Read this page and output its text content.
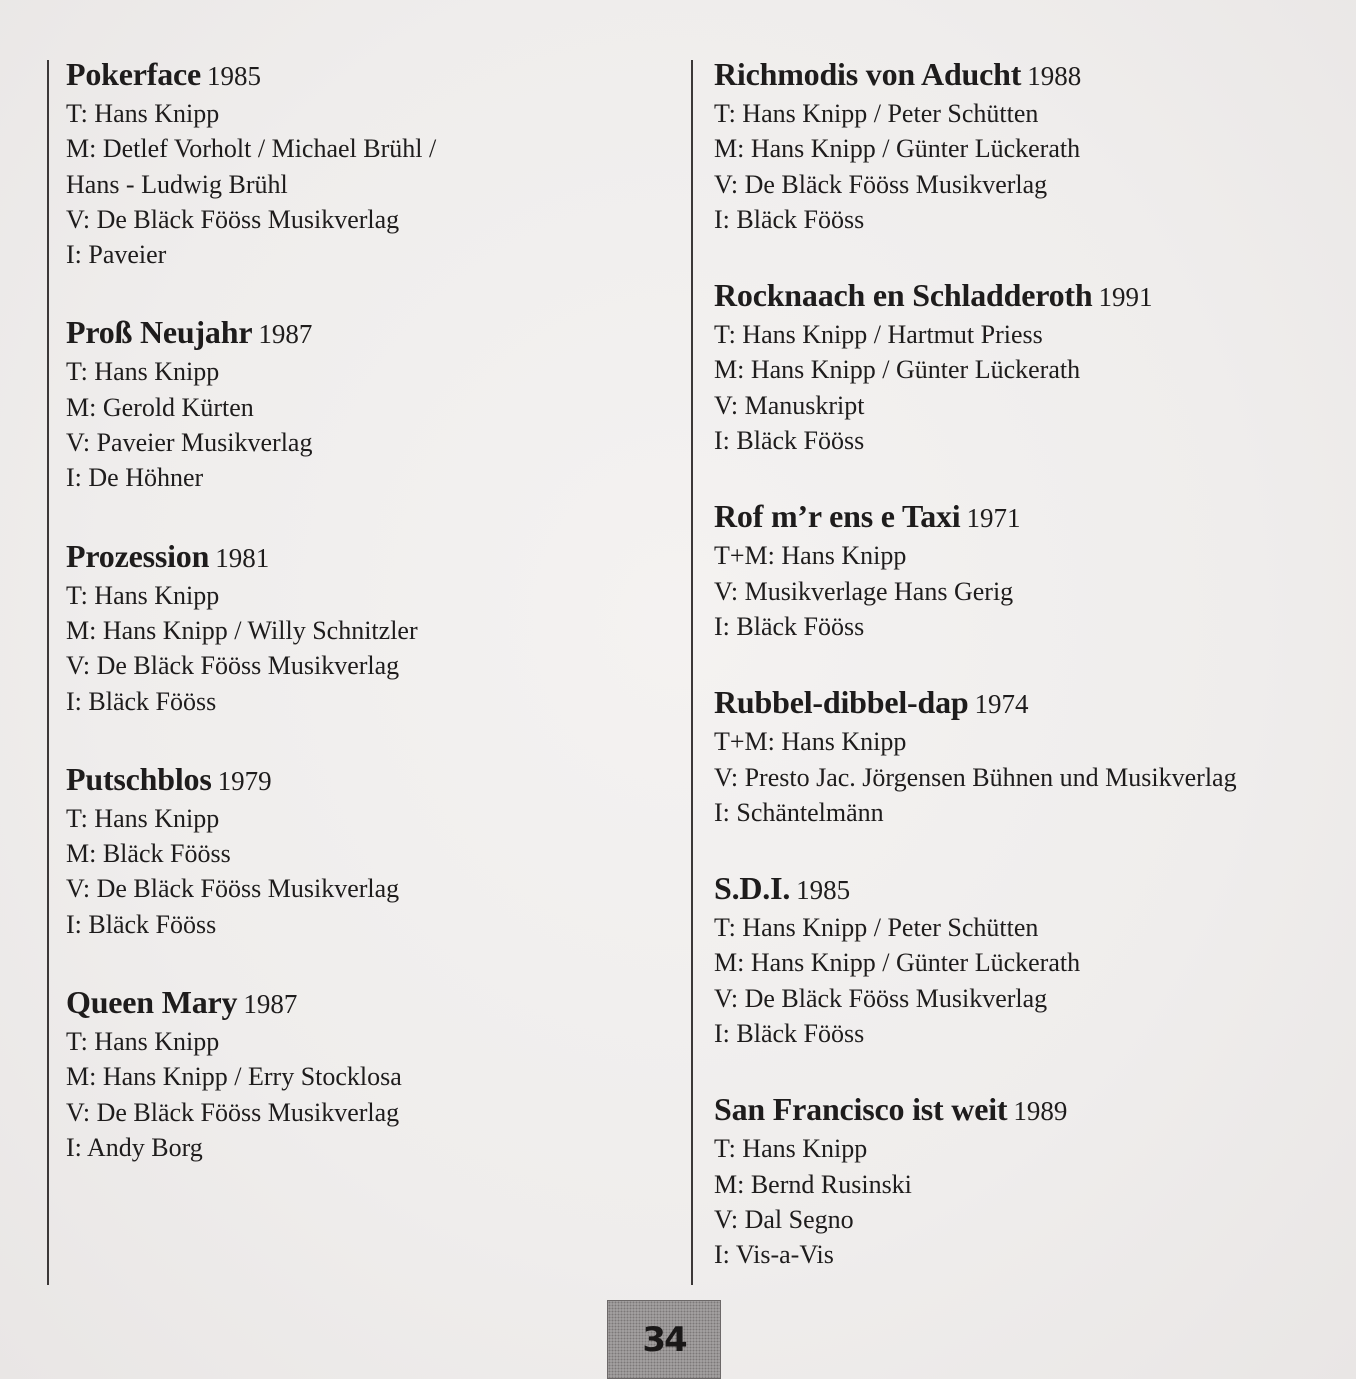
Pokerface 1985
T: Hans Knipp
M: Detlef Vorholt / Michael Brühl /
Hans - Ludwig Brühl
V: De Bläck Fööss Musikverlag
I: Paveier
Proß Neujahr 1987
T: Hans Knipp
M: Gerold Kürten
V: Paveier Musikverlag
I: De Höhner
Prozession 1981
T: Hans Knipp
M: Hans Knipp / Willy Schnitzler
V: De Bläck Fööss Musikverlag
I: Bläck Fööss
Putschblos 1979
T: Hans Knipp
M: Bläck Fööss
V: De Bläck Fööss Musikverlag
I: Bläck Fööss
Queen Mary 1987
T: Hans Knipp
M: Hans Knipp / Erry Stocklosa
V: De Bläck Fööss Musikverlag
I: Andy Borg
Richmodis von Aducht 1988
T: Hans Knipp / Peter Schütten
M: Hans Knipp / Günter Lückerath
V: De Bläck Fööss Musikverlag
I: Bläck Fööss
Rocknaach en Schladderoth 1991
T: Hans Knipp / Hartmut Priess
M: Hans Knipp / Günter Lückerath
V: Manuskript
I: Bläck Fööss
Rof m’r ens e Taxi 1971
T+M: Hans Knipp
V: Musikverlage Hans Gerig
I: Bläck Fööss
Rubbel-dibbel-dap 1974
T+M: Hans Knipp
V: Presto Jac. Jörgensen Bühnen und Musikverlag
I: Schäntelmänn
S.D.I. 1985
T: Hans Knipp / Peter Schütten
M: Hans Knipp / Günter Lückerath
V: De Bläck Fööss Musikverlag
I: Bläck Fööss
San Francisco ist weit 1989
T: Hans Knipp
M: Bernd Rusinski
V: Dal Segno
I: Vis-a-Vis
34
